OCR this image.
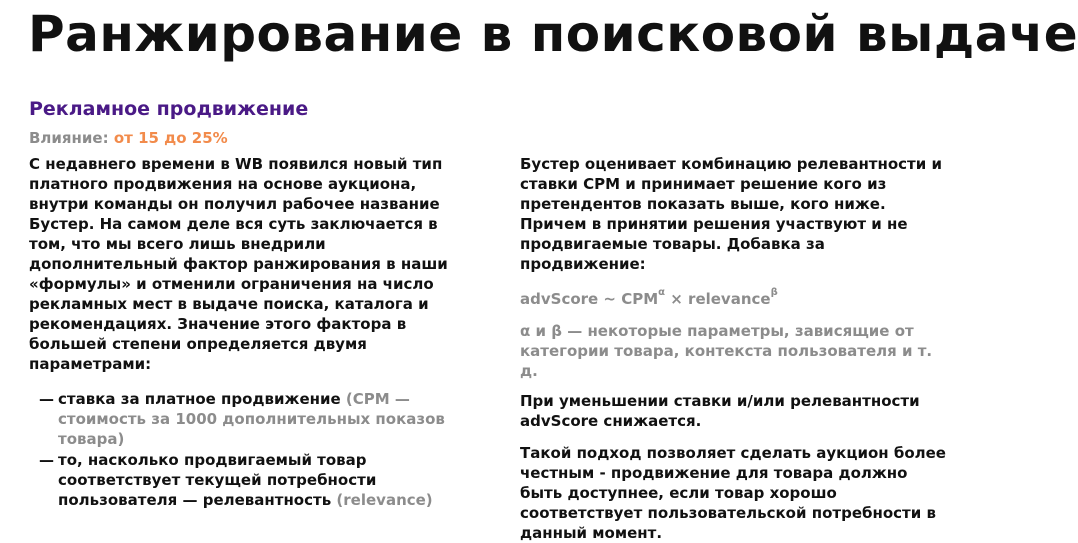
Ранжирование в поисковой выдаче
Рекламное продвижение
Влияние: от 15 до 25%

С недавнего времени в WB появился новый тип платного продвижения на основе аукциона, внутри команды он получил рабочее название Бустер. На самом деле вся суть заключается в том, что мы всего лишь внедрили дополнительный фактор ранжирования в наши «формулы» и отменили ограничения на число рекламных мест в выдаче поиска, каталога и рекомендациях. Значение этого фактора в большей степени определяется двумя параметрами:

— ставка за платное продвижение (CPM — стоимость за 1000 дополнительных показов товара)
— то, насколько продвигаемый товар соответствует текущей потребности пользователя — релевантность (relevance)

Бустер оценивает комбинацию релевантности и ставки CPM и принимает решение кого из претендентов показать выше, кого ниже. Причем в принятии решения участвуют и не продвигаемые товары. Добавка за продвижение:

advScore ~ $CPM^\alpha$ × relevance$^\beta$

α и β — некоторые параметры, зависящие от категории товара, контекста пользователя и т. д.

При уменьшении ставки и/или релевантности advScore снижается.

Такой подход позволяет сделать аукцион более честным - продвижение для товара должно быть доступнее, если товар хорошо соответствует пользовательской потребности в данный момент.
